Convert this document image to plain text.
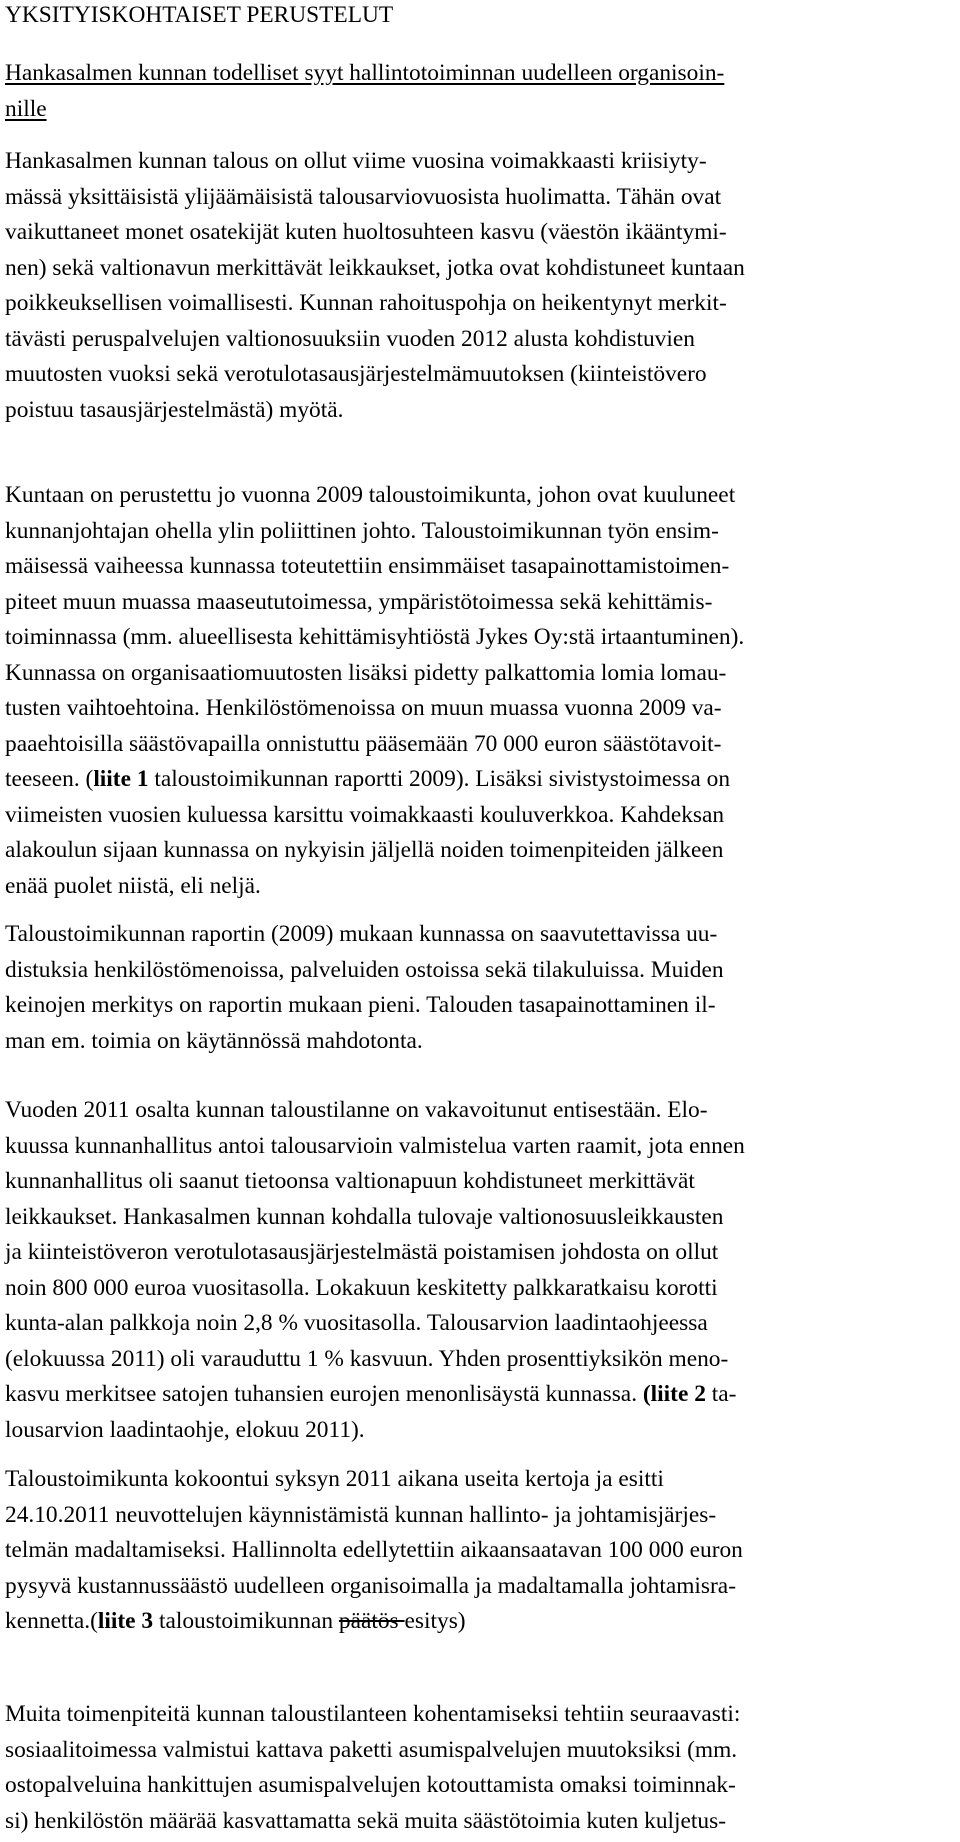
YKSITYISKOHTAISET PERUSTELUT
Hankasalmen kunnan todelliset syyt hallintotoiminnan uudelleen organisoin-
nille
Hankasalmen kunnan talous on ollut viime vuosina voimakkaasti kriisiyty-
mässä yksittäisistä ylijäämäisistä talousarviovuosista huolimatta. Tähän ovat
vaikuttaneet monet osatekijät kuten huoltosuhteen kasvu (väestön ikääntymi-
nen) sekä valtionavun merkittävät leikkaukset, jotka ovat kohdistuneet kuntaan
poikkeuksellisen voimallisesti. Kunnan rahoituspohja on heikentynyt merkit-
tävästi peruspalvelujen valtionosuuksiin vuoden 2012 alusta kohdistuvien
muutosten vuoksi sekä verotulotasausjärjestelmämuutoksen (kiinteistövero
poistuu tasausjärjestelmästä) myötä.
Kuntaan on perustettu jo vuonna 2009 taloustoimikunta, johon ovat kuuluneet
kunnanjohtajan ohella ylin poliittinen johto. Taloustoimikunnan työn ensim-
mäisessä vaiheessa kunnassa toteutettiin ensimmäiset tasapainottamistoimen-
piteet muun muassa maaseututoimessa, ympäristötoimessa sekä kehittämis-
toiminnassa (mm. alueellisesta kehittämisyhtiöstä Jykes Oy:stä irtaantuminen).
Kunnassa on organisaatiomuutosten lisäksi pidetty palkattomia lomia lomau-
tusten vaihtoehtoina. Henkilöstömenoissa on muun muassa vuonna 2009 va-
paaehtoisilla säästövapailla onnistuttu pääsemään 70 000 euron säästötavoit-
teeseen. (liite 1 taloustoimikunnan raportti 2009). Lisäksi sivistystoimessa on
viimeisten vuosien kuluessa karsittu voimakkaasti kouluverkkoa. Kahdeksan
alakoulun sijaan kunnassa on nykyisin jäljellä noiden toimenpiteiden jälkeen
enää puolet niistä, eli neljä.
Taloustoimikunnan raportin (2009) mukaan kunnassa on saavutettavissa uu-
distuksia henkilöstömenoissa, palveluiden ostoissa sekä tilakuluissa. Muiden
keinojen merkitys on raportin mukaan pieni. Talouden tasapainottaminen il-
man em. toimia on käytännössä mahdotonta.
Vuoden 2011 osalta kunnan taloustilanne on vakavoitunut entisestään. Elo-
kuussa kunnanhallitus antoi talousarvioin valmistelua varten raamit, jota ennen
kunnanhallitus oli saanut tietoonsa valtionapuun kohdistuneet merkittävät
leikkaukset. Hankasalmen kunnan kohdalla tulovaje valtionosuusleikkausten
ja kiinteistöveron verotulotasausjärjestelmästä poistamisen johdosta on ollut
noin 800 000 euroa vuositasolla. Lokakuun keskitetty palkkaratkaisu korotti
kunta-alan palkkoja noin 2,8 % vuositasolla. Talousarvion laadintaohjeessa
(elokuussa 2011) oli varauduttu 1 % kasvuun. Yhden prosenttiyksikön meno-
kasvu merkitsee satojen tuhansien eurojen menonlisäystä kunnassa. (liite 2 ta-
lousarvion laadintaohje, elokuu 2011).
Taloustoimikunta kokoontui syksyn 2011 aikana useita kertoja ja esitti
24.10.2011 neuvottelujen käynnistämistä kunnan hallinto- ja johtamisjärjes-
telmän madaltamiseksi. Hallinnolta edellytettiin aikaansaatavan 100 000 euron
pysyvä kustannussäästö uudelleen organisoimalla ja madaltamalla johtamisra-
kennetta.(liite 3 taloustoimikunnan päätös esitys)
Muita toimenpiteitä kunnan taloustilanteen kohentamiseksi tehtiin seuraavasti:
sosiaalitoimessa valmistui kattava paketti asumispalvelujen muutoksiksi (mm.
ostopalveluina hankittujen asumispalvelujen kotouttamista omaksi toiminnak-
si) henkilöstön määrää kasvattamatta sekä muita säästötoimia kuten kuljetus-
